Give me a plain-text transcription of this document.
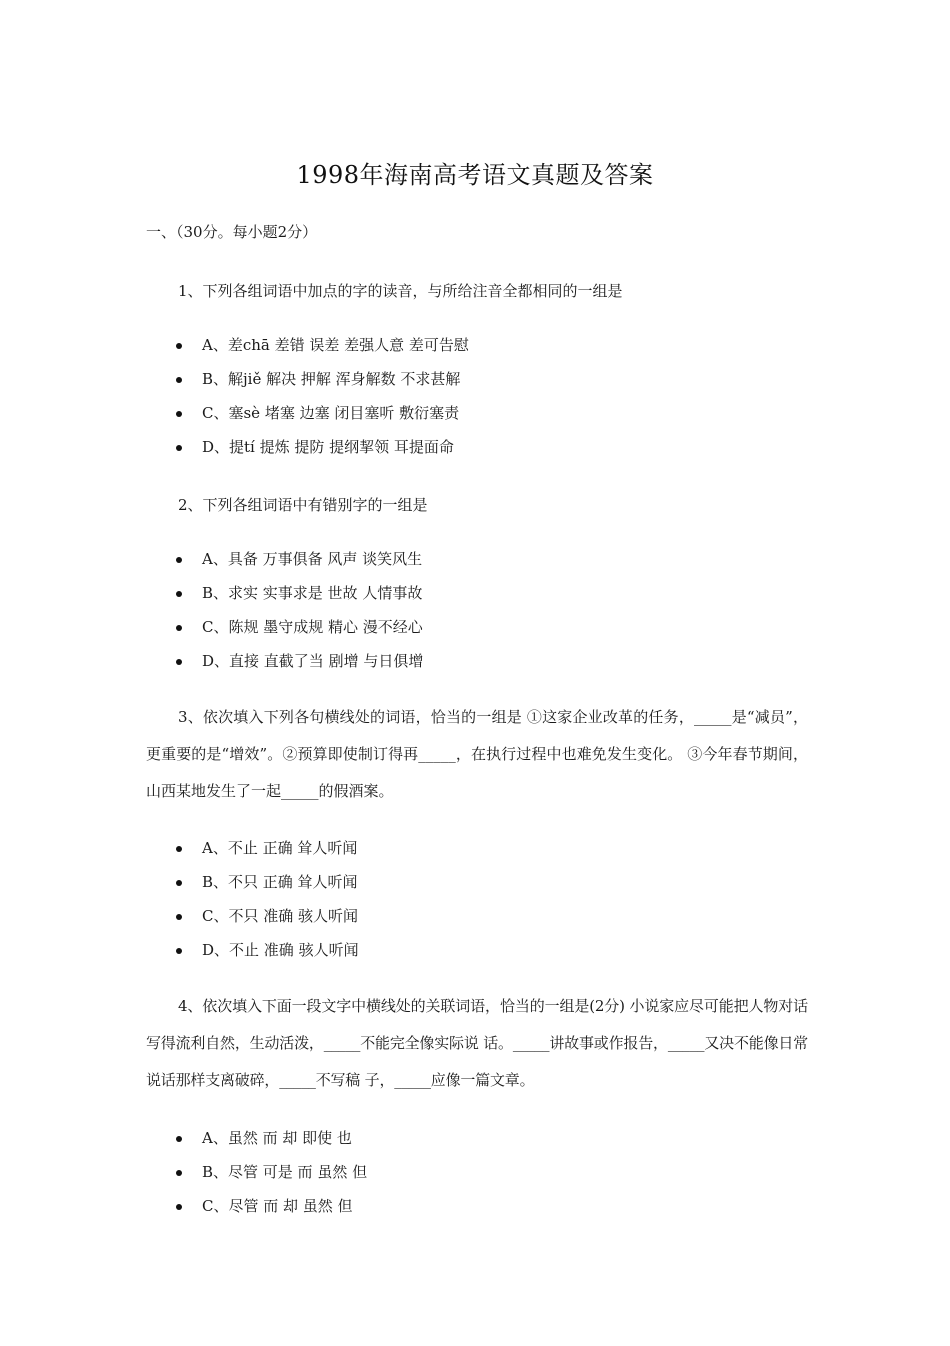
1998年海南高考语文真题及答案
一、（30分。每小题2分）
1、下列各组词语中加点的字的读音，与所给注音全都相同的一组是
A、差chā 差错 误差 差强人意 差可告慰
B、解jiě 解决 押解 浑身解数 不求甚解
C、塞sè 堵塞 边塞 闭目塞听 敷衍塞责
D、提tí 提炼 提防 提纲挈领 耳提面命
2、下列各组词语中有错别字的一组是
A、具备 万事俱备 风声 谈笑风生
B、求实 实事求是 世故 人情事故
C、陈规 墨守成规 精心 漫不经心
D、直接 直截了当 剧增 与日俱增
3、依次填入下列各句横线处的词语，恰当的一组是 ①这家企业改革的任务，_____是“减员”，更重要的是“增效”。②预算即使制订得再_____，在执行过程中也难免发生变化。 ③今年春节期间，山西某地发生了一起_____的假酒案。
A、不止 正确 耸人听闻
B、不只 正确 耸人听闻
C、不只 准确 骇人听闻
D、不止 准确 骇人听闻
4、依次填入下面一段文字中横线处的关联词语，恰当的一组是(2分) 小说家应尽可能把人物对话写得流利自然，生动活泼，_____不能完全像实际说 话。_____讲故事或作报告，_____又决不能像日常说话那样支离破碎，_____不写稿 子，_____应像一篇文章。
A、虽然 而 却 即使 也
B、尽管 可是 而 虽然 但
C、尽管 而 却 虽然 但
